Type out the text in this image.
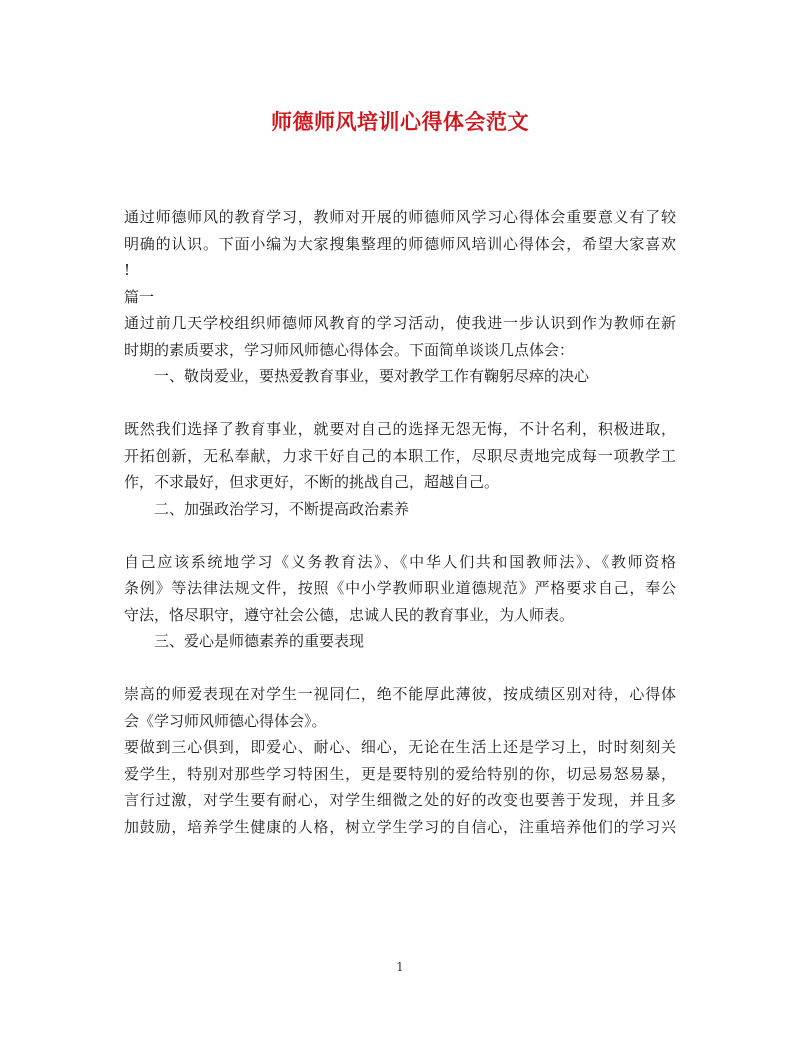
师德师风培训心得体会范文
通过师德师风的教育学习，教师对开展的师德师风学习心得体会重要意义有了较
明确的认识。下面小编为大家搜集整理的师德师风培训心得体会，希望大家喜欢
!
篇一
通过前几天学校组织师德师风教育的学习活动，使我进一步认识到作为教师在新
时期的素质要求，学习师风师德心得体会。下面简单谈谈几点体会：
一、敬岗爱业，要热爱教育事业，要对教学工作有鞠躬尽瘁的决心
既然我们选择了教育事业，就要对自己的选择无怨无悔，不计名利，积极进取，
开拓创新，无私奉献，力求干好自己的本职工作，尽职尽责地完成每一项教学工
作，不求最好，但求更好，不断的挑战自己，超越自己。
二、加强政治学习，不断提高政治素养
自己应该系统地学习《义务教育法》、《中华人们共和国教师法》、《教师资格
条例》等法律法规文件，按照《中小学教师职业道德规范》严格要求自己，奉公
守法，恪尽职守，遵守社会公德，忠诚人民的教育事业，为人师表。
三、爱心是师德素养的重要表现
崇高的师爱表现在对学生一视同仁，绝不能厚此薄彼，按成绩区别对待，心得体
会《学习师风师德心得体会》。
要做到三心俱到，即爱心、耐心、细心，无论在生活上还是学习上，时时刻刻关
爱学生，特别对那些学习特困生，更是要特别的爱给特别的你，切忌易怒易暴，
言行过激，对学生要有耐心，对学生细微之处的好的改变也要善于发现，并且多
加鼓励，培养学生健康的人格，树立学生学习的自信心，注重培养他们的学习兴
1
